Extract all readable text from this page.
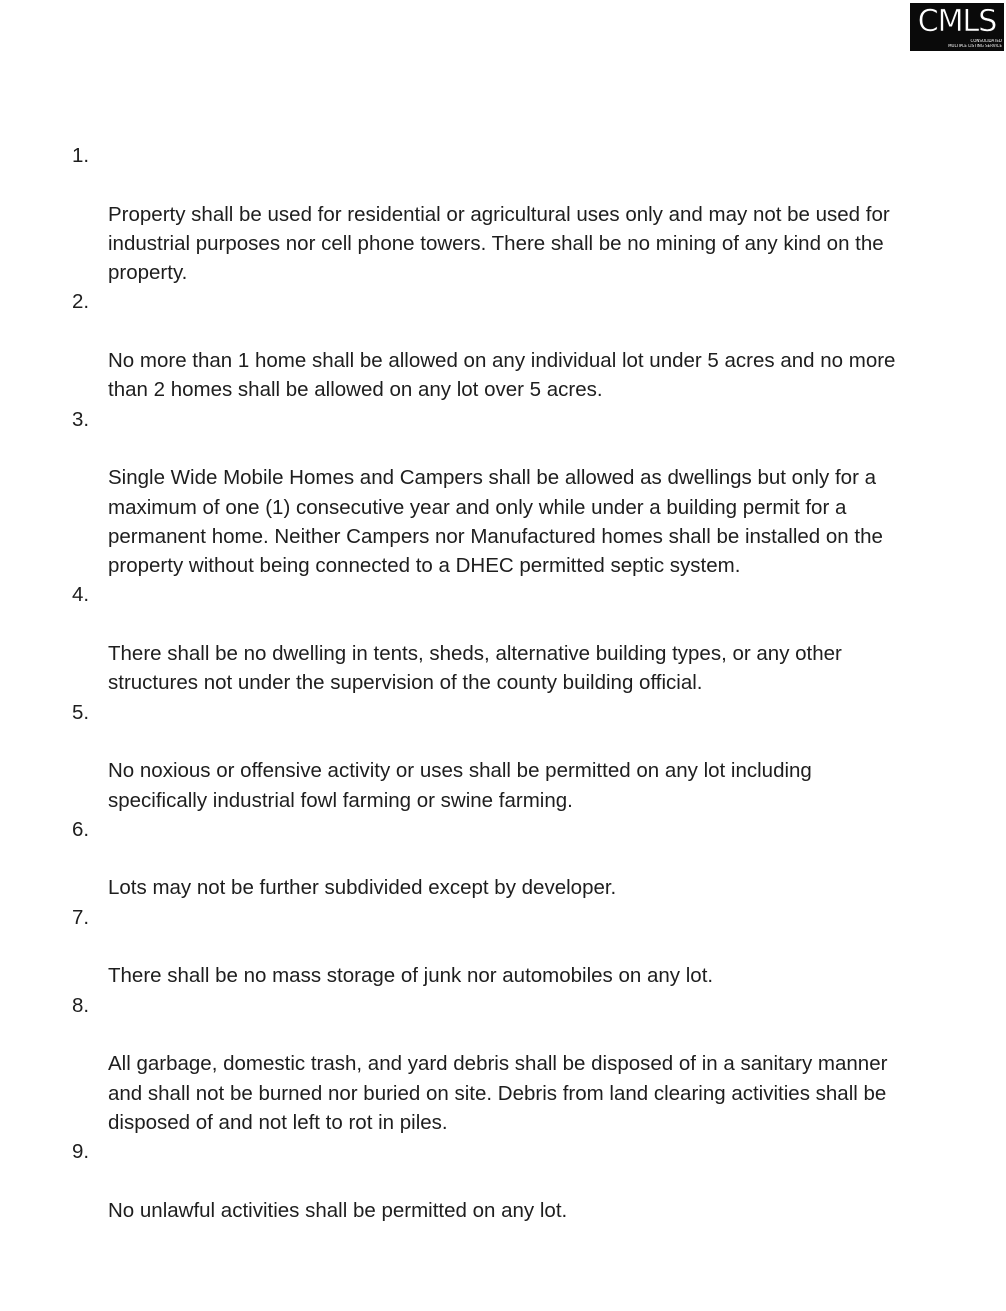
CMLS
CONSOLIDATED
MULTIPLE LISTING SERVICE

1.

Property shall be used for residential or agricultural uses only and may not be used for
industrial purposes nor cell phone towers. There shall be no mining of any kind on the
property.

2.

No more than 1 home shall be allowed on any individual lot under 5 acres and no more
than 2 homes shall be allowed on any lot over 5 acres.

3.

Single Wide Mobile Homes and Campers shall be allowed as dwellings but only for a
maximum of one (1) consecutive year and only while under a building permit for a
permanent home. Neither Campers nor Manufactured homes shall be installed on the
property without being connected to a DHEC permitted septic system.

4.

There shall be no dwelling in tents, sheds, alternative building types, or any other
structures not under the supervision of the county building official.

5.

No noxious or offensive activity or uses shall be permitted on any lot including
specifically industrial fowl farming or swine farming.

6.

Lots may not be further subdivided except by developer.

7.

There shall be no mass storage of junk nor automobiles on any lot.

8.

All garbage, domestic trash, and yard debris shall be disposed of in a sanitary manner
and shall not be burned nor buried on site. Debris from land clearing activities shall be
disposed of and not left to rot in piles.

9.

No unlawful activities shall be permitted on any lot.
